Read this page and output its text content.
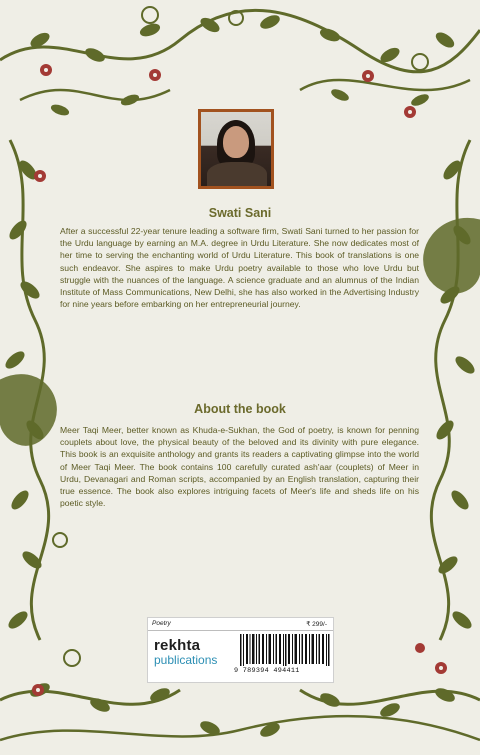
Swati Sani
After a successful 22-year tenure leading a software firm, Swati Sani turned to her passion for the Urdu language by earning an M.A. degree in Urdu Literature. She now dedicates most of her time to serving the enchanting world of Urdu Literature. This book of translations is one such endeavor. She aspires to make Urdu poetry available to those who love Urdu but struggle with the nuances of the language. A science graduate and an alumnus of the Indian Institute of Mass Communications, New Delhi, she has also worked in the Advertising Industry for nine years before embarking on her entrepreneurial journey.
About the book
Meer Taqi Meer, better known as Khuda-e-Sukhan, the God of poetry, is known for penning couplets about love, the physical beauty of the beloved and its divinity with pure elegance. This book is an exquisite anthology and grants its readers a captivating glimpse into the world of Meer Taqi Meer. The book contains 100 carefully curated ash'aar (couplets) of Meer in Urdu, Devanagari and Roman scripts, accompanied by an English translation, capturing their true essence. The book also explores intriguing facets of Meer's life and sheds life on his poetic style.
Poetry	₹ 299/-
rekhta
publications
9 789394 494411
